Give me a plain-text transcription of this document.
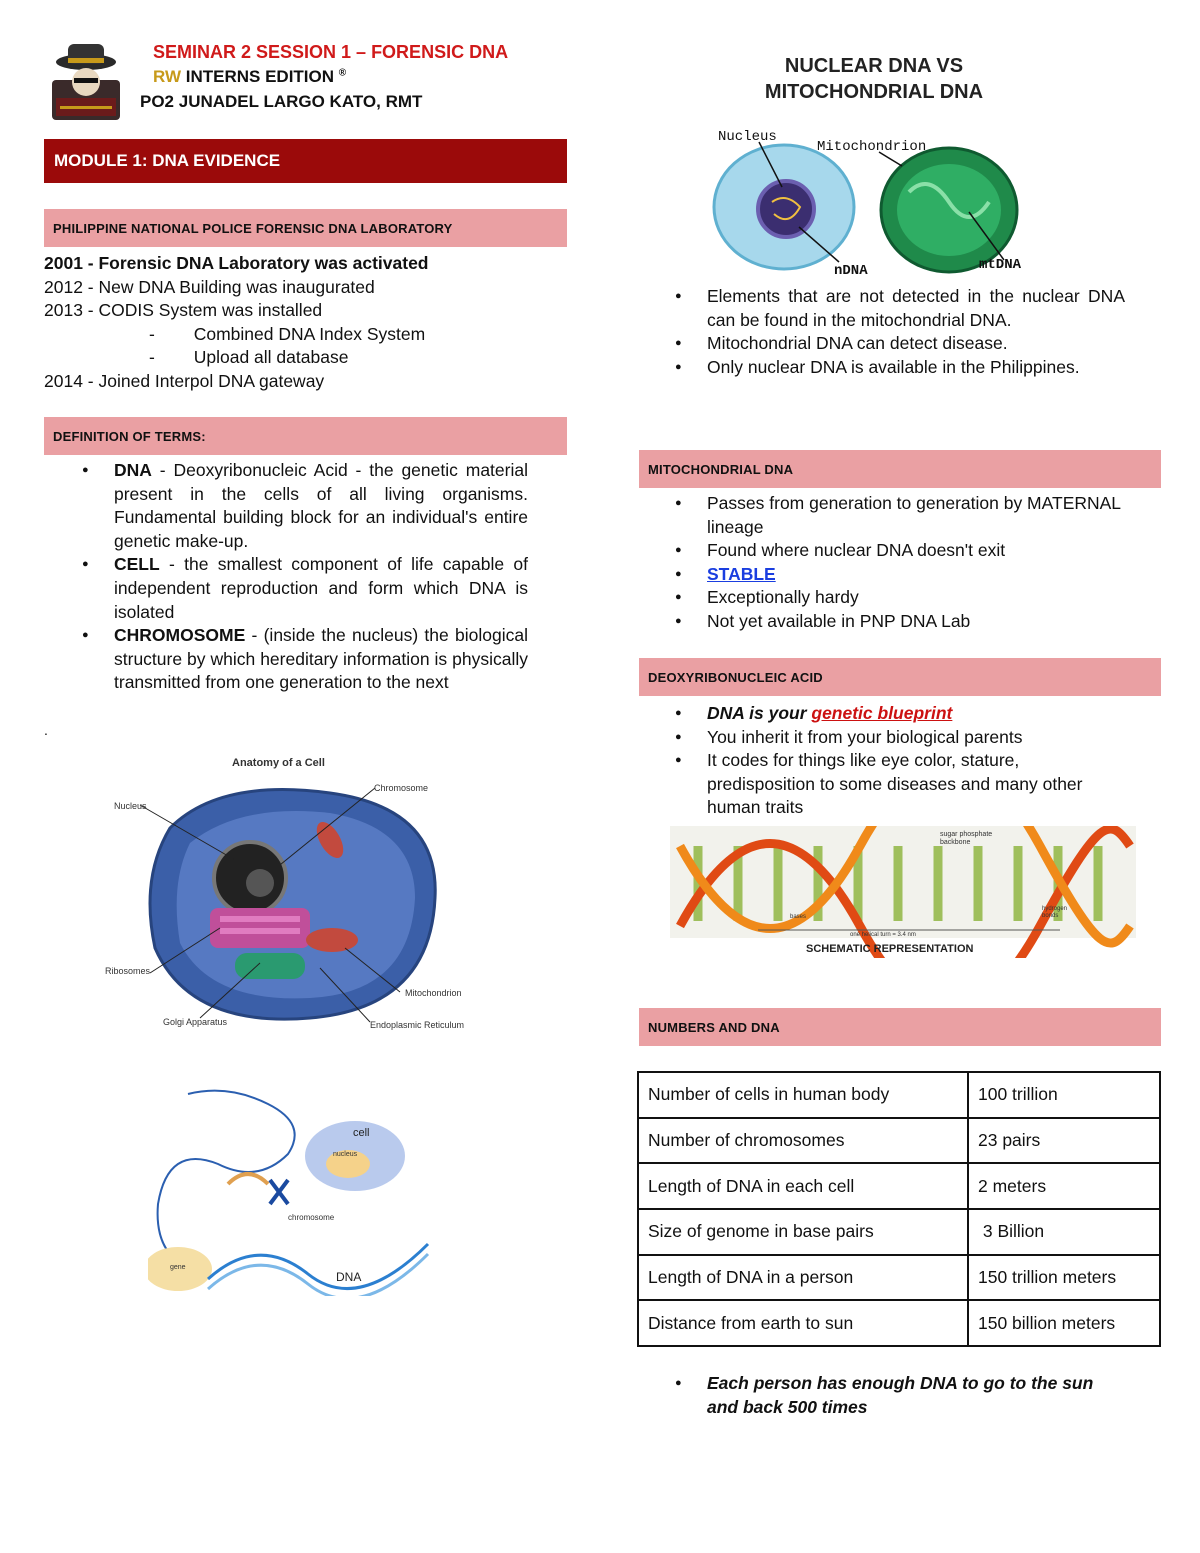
SEMINAR 2 SESSION 1 – FORENSIC DNA
RW INTERNS EDITION ®
PO2 JUNADEL LARGO KATO, RMT
MODULE 1: DNA EVIDENCE
PHILIPPINE NATIONAL POLICE FORENSIC DNA LABORATORY
2001 - Forensic DNA Laboratory was activated
2012 - New DNA Building was inaugurated
2013 - CODIS System was installed
-        Combined DNA Index System
-        Upload all database
2014 - Joined Interpol DNA gateway
DEFINITION OF TERMS:
● DNA - Deoxyribonucleic Acid - the genetic material present in the cells of all living organisms. Fundamental building block for an individual's entire genetic make-up.
● CELL - the smallest component of life capable of independent reproduction and form which DNA is isolated
● CHROMOSOME - (inside the nucleus) the biological structure by which hereditary information is physically transmitted from one generation to the next
.
Anatomy of a Cell
Nucleus
Chromosome
Ribosomes
Mitochondrion
Golgi Apparatus	Endoplasmic Reticulum
cell
nucleus
chromosome
gene
DNA
NUCLEAR DNA VS
MITOCHONDRIAL DNA
Nucleus
Mitochondrion
nDNA	mtDNA
● Elements that are not detected in the nuclear DNA can be found in the mitochondrial DNA.
● Mitochondrial DNA can detect disease.
● Only nuclear DNA is available in the Philippines.
MITOCHONDRIAL DNA
● Passes from generation to generation by MATERNAL lineage
● Found where nuclear DNA doesn't exit
● STABLE
● Exceptionally hardy
● Not yet available in PNP DNA Lab
DEOXYRIBONUCLEIC ACID
● DNA is your genetic blueprint
● You inherit it from your biological parents
● It codes for things like eye color, stature, predisposition to some diseases and many other human traits
sugar phosphate
backbone
bases
hydrogen
bonds
one helical turn = 3.4 nm
SCHEMATIC REPRESENTATION
NUMBERS AND DNA
Number of cells in human body	100 trillion
Number of chromosomes	23 pairs
Length of DNA in each cell	2 meters
Size of genome in base pairs	3 Billion
Length of DNA in a person	150 trillion meters
Distance from earth to sun	150 billion meters
● Each person has enough DNA to go to the sun and back 500 times
